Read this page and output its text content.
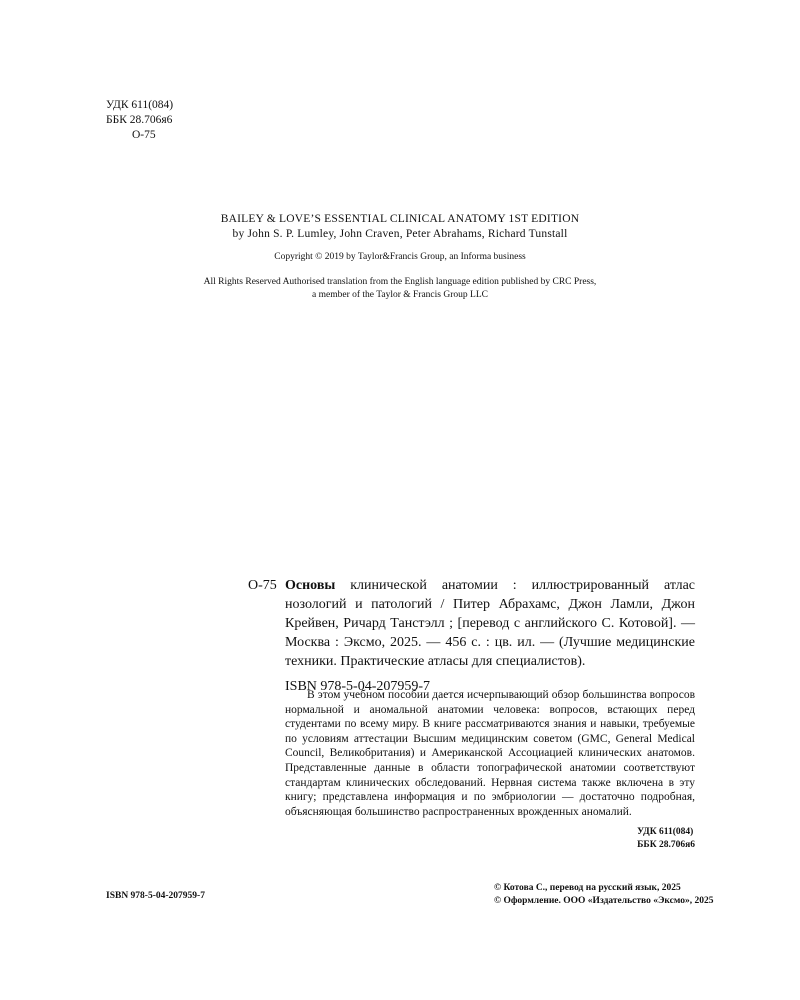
УДК 611(084)
ББК 28.706я6
О-75
BAILEY & LOVE’S ESSENTIAL CLINICAL ANATOMY 1ST EDITION
by John S. P. Lumley, John Craven, Peter Abrahams, Richard Tunstall
Copyright © 2019 by Taylor&Francis Group, an Informa business
All Rights Reserved Authorised translation from the English language edition published by CRC Press,
a member of the Taylor & Francis Group LLC

О-75 Основы клинической анатомии : иллюстрированный атлас нозологий и патологий / Питер Абрахамс, Джон Ламли, Джон Крейвен, Ричард Танстэлл ; [перевод с английского С. Котовой]. — Москва : Эксмо, 2025. — 456 с. : цв. ил. — (Лучшие медицинские техники. Практические атласы для специалистов).

ISBN 978-5-04-207959-7

В этом учебном пособии дается исчерпывающий обзор большинства вопросов нормальной и аномальной анатомии человека: вопросов, встающих перед студентами по всему миру. В книге рассматриваются знания и навыки, требуемые по условиям аттестации Высшим медицинским советом (GMC, General Medical Council, Великобритания) и Американской Ассоциацией клинических анатомов. Представленные данные в области топографической анатомии соответствуют стандартам клинических обследований. Нервная система также включена в эту книгу; представлена информация и по эмбриологии — достаточно подробная, объясняющая большинство распространенных врожденных аномалий.

УДК 611(084)
ББК 28.706я6
ISBN 978-5-04-207959-7
© Котова С., перевод на русский язык, 2025
© Оформление. ООО «Издательство «Эксмо», 2025
